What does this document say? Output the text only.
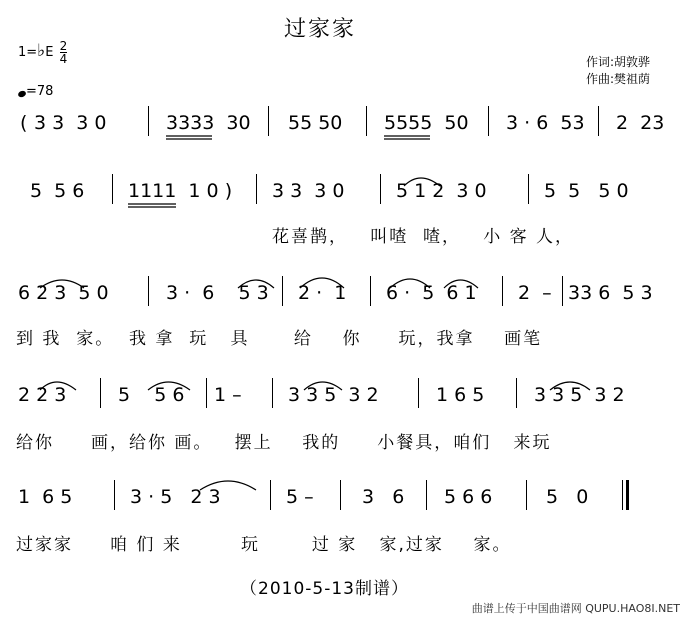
过家家
1=♭E $\frac{2}{4}$
=78
作词:胡敦骅
作曲:樊祖荫
( 3 3  3 0	3333  30 55 50 5555  50 3 · 6  53 2  23
5  5 6 1111  1 0 ) 3 3  3 0	5 1 2  3 0	5  5   5 0
花喜鹊，   叫喳  喳，   小 客 人，
6 2 3  5 0	3 ·  6    5 3 2 ·  1 6 ·  5  6 1 2  – 33 6  5 3
到 我  家。  我 拿  玩   具      给    你     玩，我拿    画笔
2 2 3	5    5 6 1 – 3 3 5  3 2	1 6 5	3 3 5  3 2
给你     画，给你 画。   摆上    我的     小餐具，咱们   来玩
1  6 5	3 · 5   2 3	5 –	3   6 5 6 6	5   0
过家家     咱 们 来        玩       过 家   家,过家    家。
（2010-5-13制谱）
曲谱上传于中国曲谱网 QUPU.HAO8I.NET
